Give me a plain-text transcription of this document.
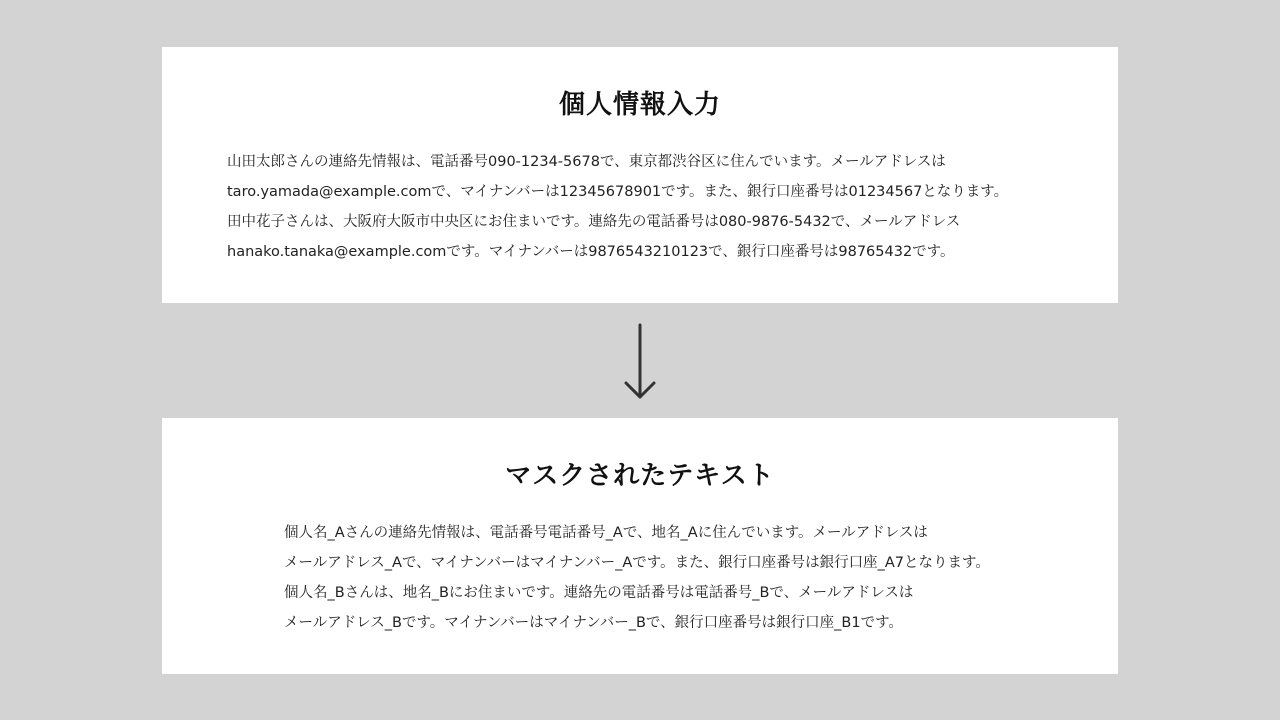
個人情報入力
山田太郎さんの連絡先情報は、電話番号090-1234-5678で、東京都渋谷区に住んでいます。メールアドレスは
taro.yamada@example.comで、マイナンバーは12345678901です。また、銀行口座番号は01234567となります。
田中花子さんは、大阪府大阪市中央区にお住まいです。連絡先の電話番号は080-9876-5432で、メールアドレス
hanako.tanaka@example.comです。マイナンバーは9876543210123で、銀行口座番号は98765432です。
マスクされたテキスト
個人名_Aさんの連絡先情報は、電話番号電話番号_Aで、地名_Aに住んでいます。メールアドレスは
メールアドレス_Aで、マイナンバーはマイナンバー_Aです。また、銀行口座番号は銀行口座_A7となります。
個人名_Bさんは、地名_Bにお住まいです。連絡先の電話番号は電話番号_Bで、メールアドレスは
メールアドレス_Bです。マイナンバーはマイナンバー_Bで、銀行口座番号は銀行口座_B1です。
